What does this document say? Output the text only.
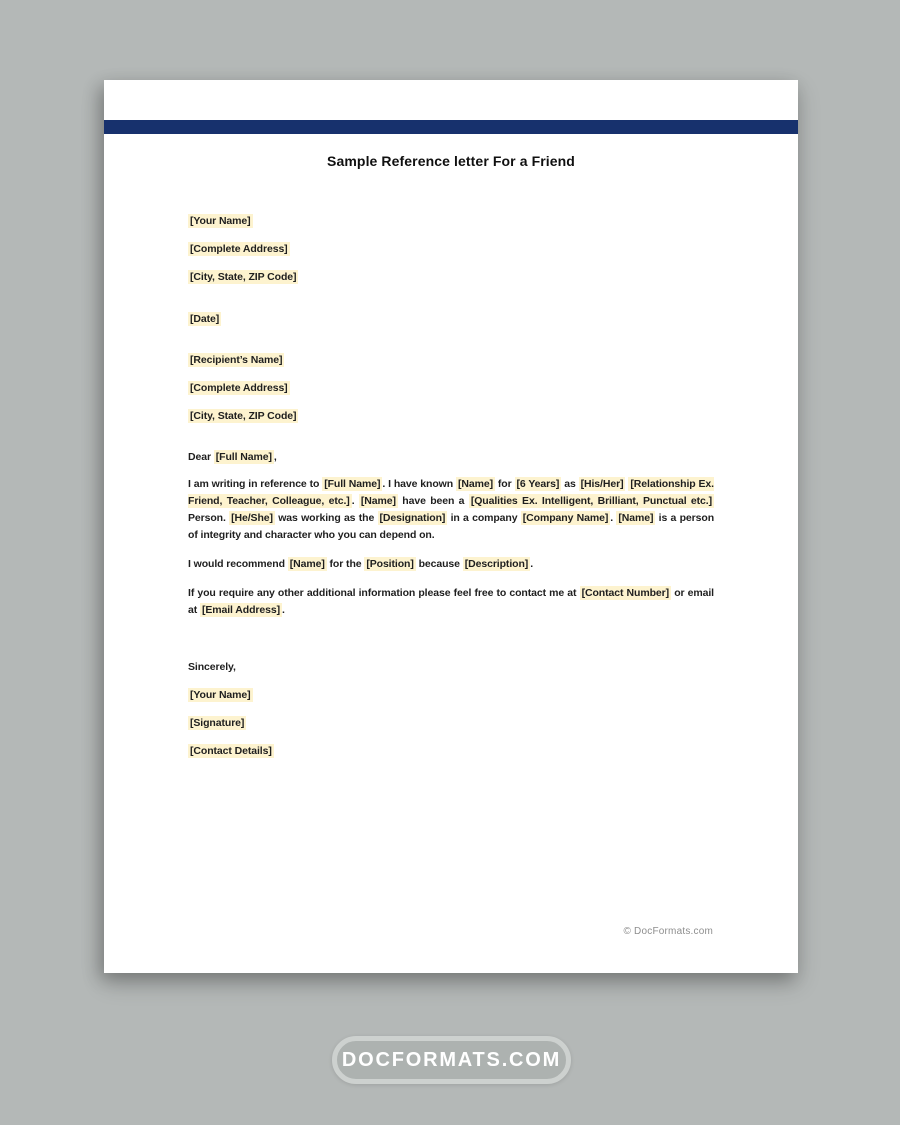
Sample Reference letter For a Friend
[Your Name]
[Complete Address]
[City, State, ZIP Code]
[Date]
[Recipient’s Name]
[Complete Address]
[City, State, ZIP Code]
Dear [Full Name] ,
I am writing in reference to [Full Name] . I have known [Name] for [6 Years] as [His/Her] [Relationship Ex. Friend, Teacher, Colleague, etc.] . [Name] have been a [Qualities Ex. Intelligent, Brilliant, Punctual etc.] Person. [He/She] was working as the [Designation] in a company [Company Name] . [Name] is a person of integrity and character who you can depend on.
I would recommend [Name] for the [Position] because [Description] .
If you require any other additional information please feel free to contact me at [Contact Number] or email at [Email Address] .
Sincerely,
[Your Name]
[Signature]
[Contact Details]
© DocFormats.com
DOCFORMATS.COM
